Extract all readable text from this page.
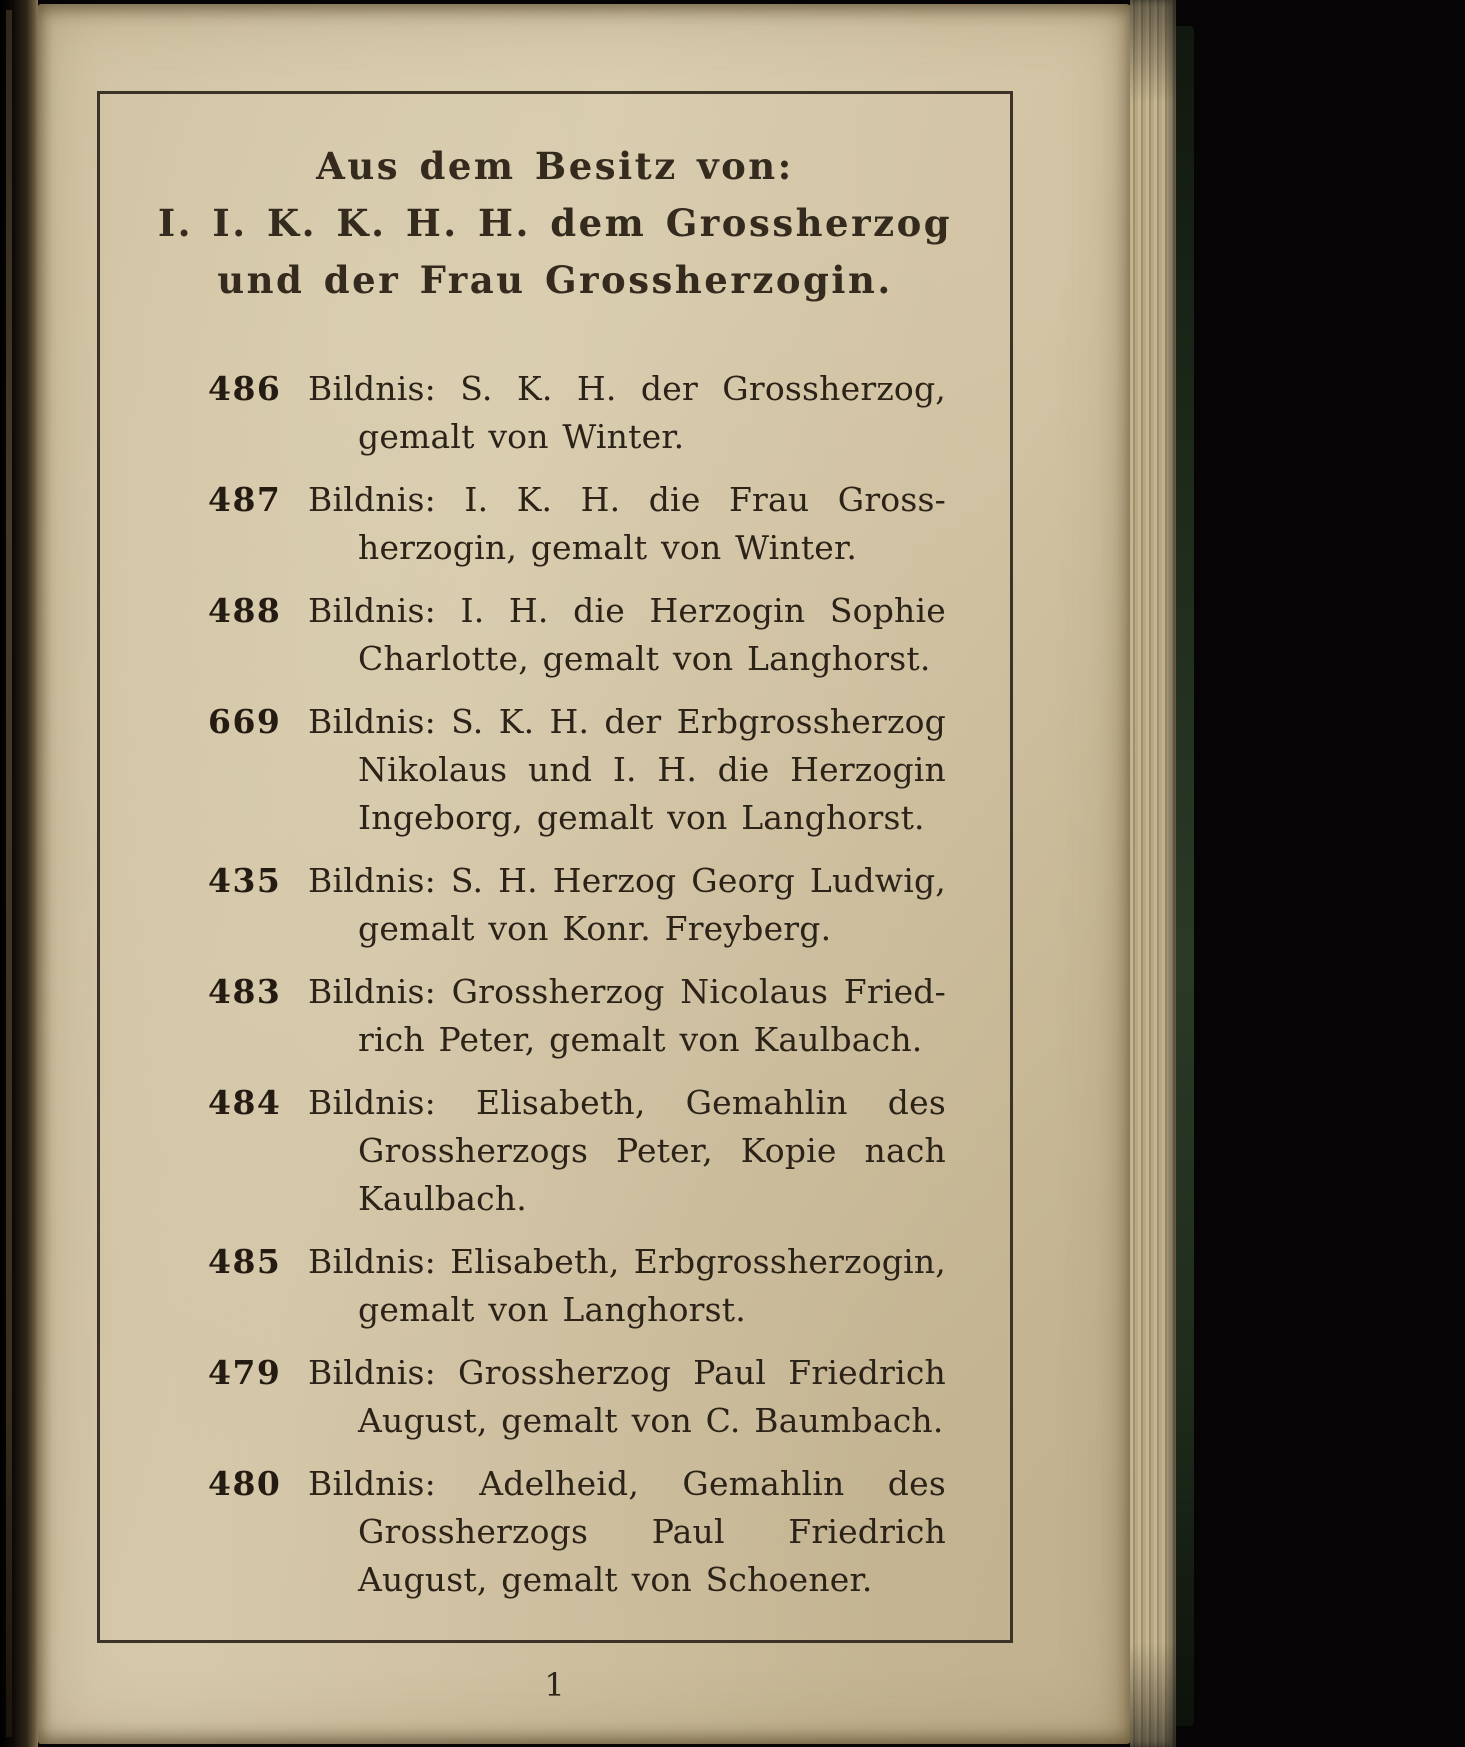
Aus dem Besitz von:
I. I. K. K. H. H. dem Grossherzog
und der Frau Grossherzogin.
486 Bildnis: S. K. H. der Grossherzog,
gemalt von Winter.
487 Bildnis: I. K. H. die Frau Gross-
herzogin, gemalt von Winter.
488 Bildnis: I. H. die Herzogin Sophie
Charlotte, gemalt von Langhorst.
669 Bildnis: S. K. H. der Erbgrossherzog
Nikolaus und I. H. die Herzogin
Ingeborg, gemalt von Langhorst.
435 Bildnis: S. H. Herzog Georg Ludwig,
gemalt von Konr. Freyberg.
483 Bildnis: Grossherzog Nicolaus Fried-
rich Peter, gemalt von Kaulbach.
484 Bildnis: Elisabeth, Gemahlin des
Grossherzogs Peter, Kopie nach
Kaulbach.
485 Bildnis: Elisabeth, Erbgrossherzogin,
gemalt von Langhorst.
479 Bildnis: Grossherzog Paul Friedrich
August, gemalt von C. Baumbach.
480 Bildnis: Adelheid, Gemahlin des
Grossherzogs Paul Friedrich
August, gemalt von Schoener.
1
